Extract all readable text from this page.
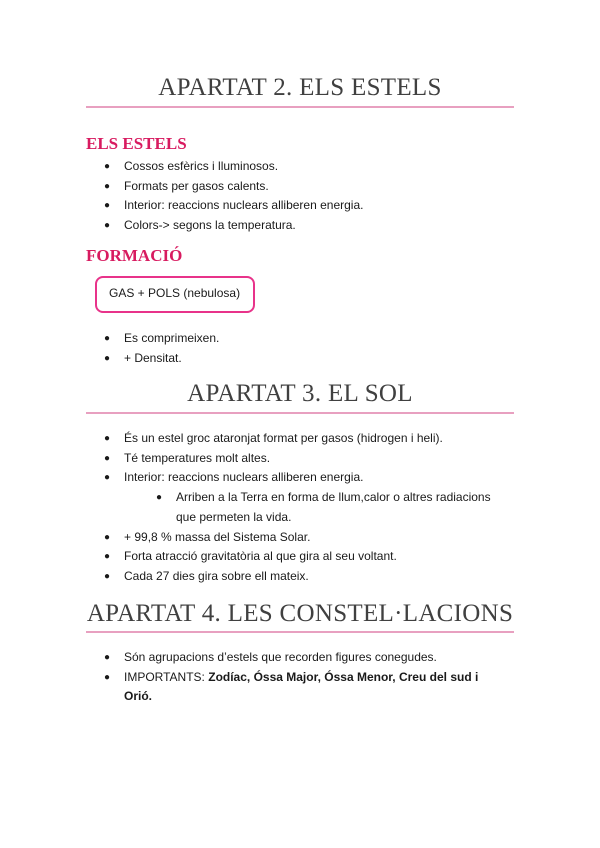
APARTAT 2. ELS ESTELS
ELS ESTELS
● Cossos esfèrics i lluminosos.
● Formats per gasos calents.
● Interior: reaccions nuclears alliberen energia.
● Colors-> segons la temperatura.
FORMACIÓ
GAS + POLS (nebulosa)
● Es comprimeixen.
● + Densitat.
APARTAT 3. EL SOL
● És un estel groc ataronjat format per gasos (hidrogen i heli).
● Té temperatures molt altes.
● Interior: reaccions nuclears alliberen energia.
● Arriben a la Terra en forma de llum,calor o altres radiacions
que permeten la vida.
● + 99,8 % massa del Sistema Solar.
● Forta atracció gravitatòria al que gira al seu voltant.
● Cada 27 dies gira sobre ell mateix.
APARTAT 4. LES CONSTEL·LACIONS
● Són agrupacions d’estels que recorden figures conegudes.
● IMPORTANTS: Zodíac, Óssa Major, Óssa Menor, Creu del sud i
Orió.
